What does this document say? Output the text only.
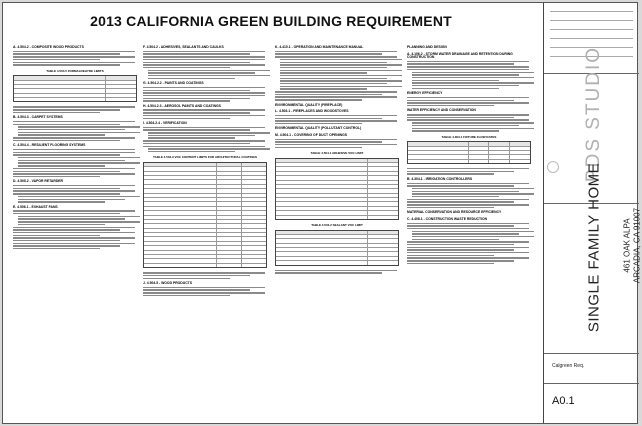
2013 CALIFORNIA GREEN BUILDING REQUIREMENT
A. 4.504.2 - COMPOSITE WOOD PRODUCTS
TABLE 4.504.5 FORMALDEHYDE LIMITS
B. 4.504.3 - CARPET SYSTEMS
C. 4.504.4 - RESILIENT FLOORING SYSTEMS
D. 4.505.2 - VAPOR RETARDER
E. 4.506.1 - EXHAUST FANS
F. 4.504.2 - ADHESIVES, SEALANTS AND CAULKS
G. 4.504.2.2 - PAINTS AND COATINGS
H. 4.504.2.3 - AEROSOL PAINTS AND COATINGS
I. 4.504.2.4 - VERIFICATION
TABLE 4.504.3 VOC CONTENT LIMITS FOR ARCHITECTURAL COATINGS
J. 4.504.5 - WOOD PRODUCTS
K. 4.410.1 - OPERATION AND MAINTENANCE MANUAL
ENVIRONMENTAL QUALITY (FIREPLACE)
L. 4.503.1 - FIREPLACES AND WOODSTOVES
ENVIRONMENTAL QUALITY (POLLUTANT CONTROL)
M. 4.504.1 - COVERING OF DUCT OPENINGS
TABLE 4.504.1 ADHESIVE VOC LIMIT
TABLE 4.504.2 SEALANT VOC LIMIT
PLANNING AND DESIGN
A. 4.106.2 - STORM WATER DRAINAGE AND RETENTION DURING CONSTRUCTION
ENERGY EFFICIENCY
WATER EFFICIENCY AND CONSERVATION
TABLE 4.303.1 FIXTURE FLOW RATES
B. 4.304.1 - IRRIGATION CONTROLLERS
MATERIAL CONSERVATION AND RESOURCE EFFICIENCY
C. 4.408.1 - CONSTRUCTION WASTE REDUCTION
PDS STUDIO
SINGLE FAMILY HOME	461 OAK ALPA ARCADIA, CA 91007
Calgreen Req.
A0.1
